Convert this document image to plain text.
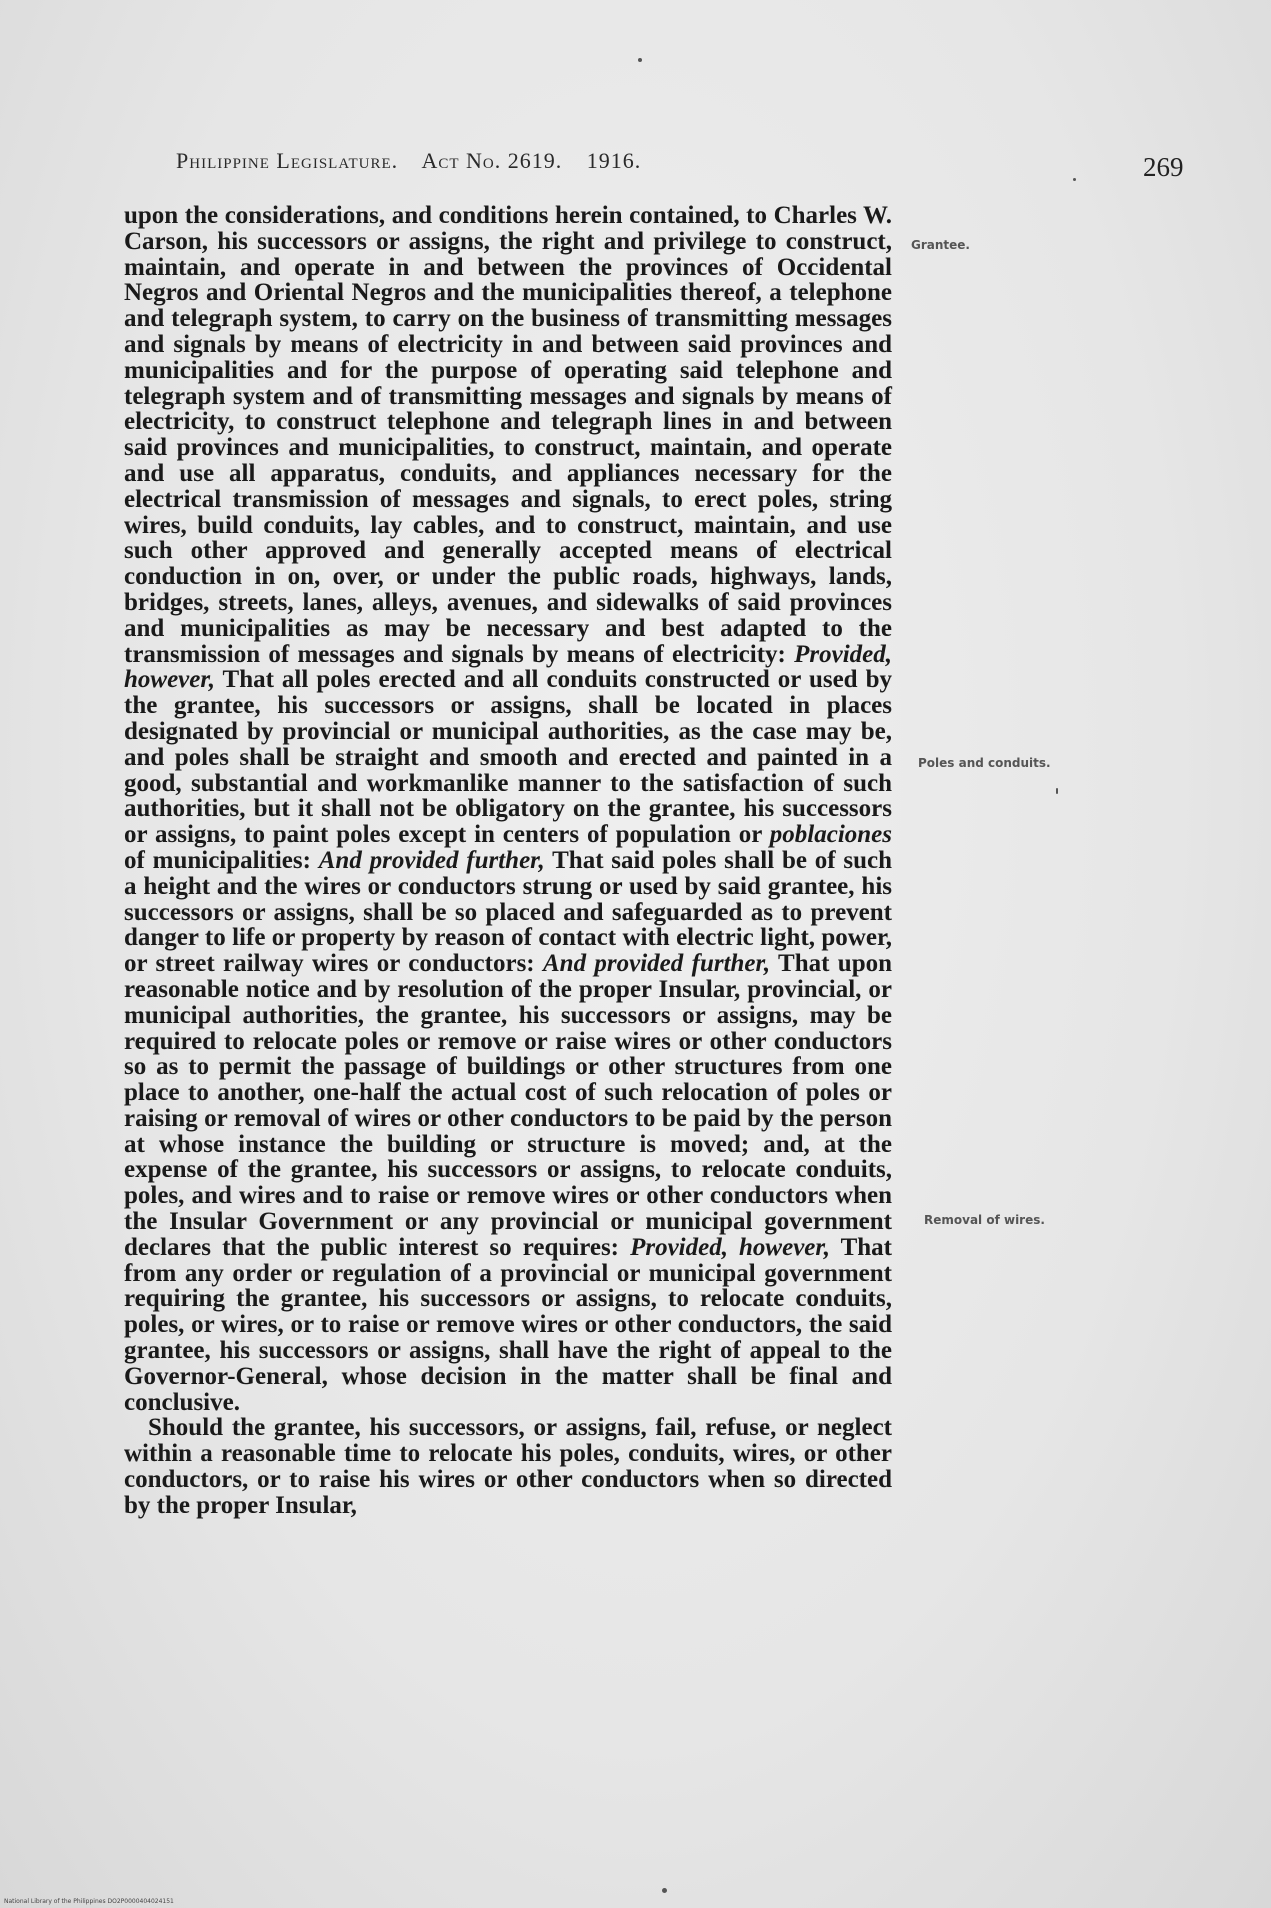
Philippine Legislature. Act No. 2619. 1916.	269

upon the considerations, and conditions herein contained, to Charles W. Carson, his successors or assigns, the right and privilege to construct, maintain, and operate in and between the provinces of Occidental Negros and Oriental Negros and the municipalities thereof, a telephone and telegraph system, to carry on the business of transmitting messages and signals by means of electricity in and between said provinces and municipalities and for the purpose of operating said telephone and telegraph system and of transmitting messages and signals by means of electricity, to construct telephone and telegraph lines in and between said provinces and municipalities, to construct, maintain, and operate and use all apparatus, conduits, and appliances necessary for the electrical transmission of messages and signals, to erect poles, string wires, build conduits, lay cables, and to construct, maintain, and use such other approved and generally accepted means of electrical conduction in on, over, or under the public roads, highways, lands, bridges, streets, lanes, alleys, avenues, and sidewalks of said provinces and municipalities as may be necessary and best adapted to the transmission of messages and signals by means of electricity: Provided, however, That all poles erected and all conduits constructed or used by the grantee, his successors or assigns, shall be located in places designated by provincial or municipal authorities, as the case may be, and poles shall be straight and smooth and erected and painted in a good, substantial and workmanlike manner to the satisfaction of such authorities, but it shall not be obligatory on the grantee, his successors or assigns, to paint poles except in centers of population or poblaciones of municipalities: And provided further, That said poles shall be of such a height and the wires or conductors strung or used by said grantee, his successors or assigns, shall be so placed and safeguarded as to prevent danger to life or property by reason of contact with electric light, power, or street railway wires or conductors: And provided further, That upon reasonable notice and by resolution of the proper Insular, provincial, or municipal authorities, the grantee, his successors or assigns, may be required to relocate poles or remove or raise wires or other conductors so as to permit the passage of buildings or other structures from one place to another, one-half the actual cost of such relocation of poles or raising or removal of wires or other conductors to be paid by the person at whose instance the building or structure is moved; and, at the expense of the grantee, his successors or assigns, to relocate conduits, poles, and wires and to raise or remove wires or other conductors when the Insular Government or any provincial or municipal government declares that the public interest so requires: Provided, however, That from any order or regulation of a provincial or municipal government requiring the grantee, his successors or assigns, to relocate conduits, poles, or wires, or to raise or remove wires or other conductors, the said grantee, his successors or assigns, shall have the right of appeal to the Governor-General, whose decision in the matter shall be final and conclusive.

Should the grantee, his successors, or assigns, fail, refuse, or neglect within a reasonable time to relocate his poles, conduits, wires, or other conductors, or to raise his wires or other conductors when so directed by the proper Insular,

Grantee.
Poles and conduits.
Removal of wires.
National Library of the Philippines DO2P0000404024151
